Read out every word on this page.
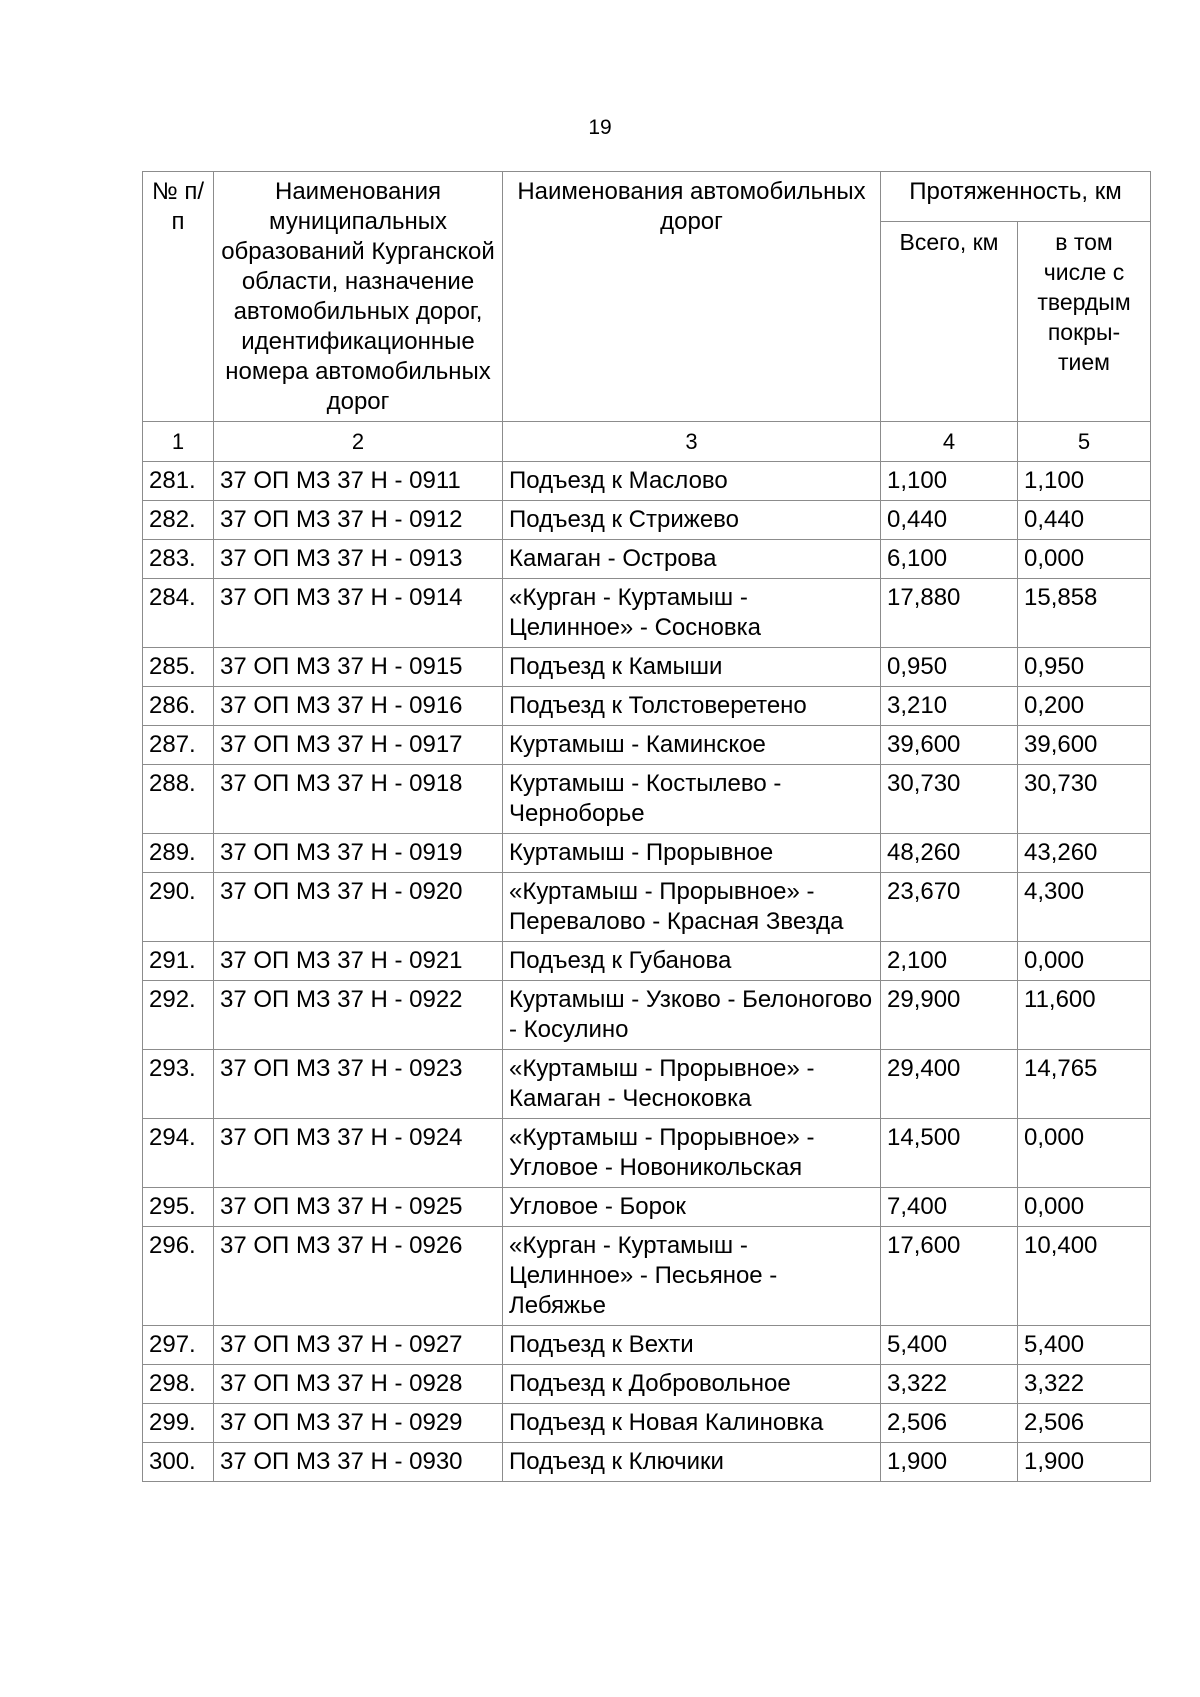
19
№ п/п	Наименования муниципальных образований Курганской области, назначение автомобильных дорог, идентификационные номера автомобильных дорог	Наименования автомобильных дорог	Протяженность, км	
			Всего, км	в том числе с твердым покры-тием
1	2	3	4	5
281.	37 ОП МЗ 37 Н - 0911	Подъезд к Маслово	1,100	1,100
282.	37 ОП МЗ 37 Н - 0912	Подъезд к Стрижево	0,440	0,440
283.	37 ОП МЗ 37 Н - 0913	Камаган - Острова	6,100	0,000
284.	37 ОП МЗ 37 Н - 0914	«Курган - Куртамыш - Целинное» - Сосновка	17,880	15,858
285.	37 ОП МЗ 37 Н - 0915	Подъезд к Камыши	0,950	0,950
286.	37 ОП МЗ 37 Н - 0916	Подъезд к Толстоверетено	3,210	0,200
287.	37 ОП МЗ 37 Н - 0917	Куртамыш - Каминское	39,600	39,600
288.	37 ОП МЗ 37 Н - 0918	Куртамыш - Костылево - Черноборье	30,730	30,730
289.	37 ОП МЗ 37 Н - 0919	Куртамыш - Прорывное	48,260	43,260
290.	37 ОП МЗ 37 Н - 0920	«Куртамыш - Прорывное» - Перевалово - Красная Звезда	23,670	4,300
291.	37 ОП МЗ 37 Н - 0921	Подъезд к Губанова	2,100	0,000
292.	37 ОП МЗ 37 Н - 0922	Куртамыш - Узково - Белоногово - Косулино	29,900	11,600
293.	37 ОП МЗ 37 Н - 0923	«Куртамыш - Прорывное» - Камаган - Чесноковка	29,400	14,765
294.	37 ОП МЗ 37 Н - 0924	«Куртамыш - Прорывное» - Угловое - Новоникольская	14,500	0,000
295.	37 ОП МЗ 37 Н - 0925	Угловое - Борок	7,400	0,000
296.	37 ОП МЗ 37 Н - 0926	«Курган - Куртамыш - Целинное» - Песьяное - Лебяжье	17,600	10,400
297.	37 ОП МЗ 37 Н - 0927	Подъезд к Вехти	5,400	5,400
298.	37 ОП МЗ 37 Н - 0928	Подъезд к Добровольное	3,322	3,322
299.	37 ОП МЗ 37 Н - 0929	Подъезд к Новая Калиновка	2,506	2,506
300.	37 ОП МЗ 37 Н - 0930	Подъезд к Ключики	1,900	1,900
